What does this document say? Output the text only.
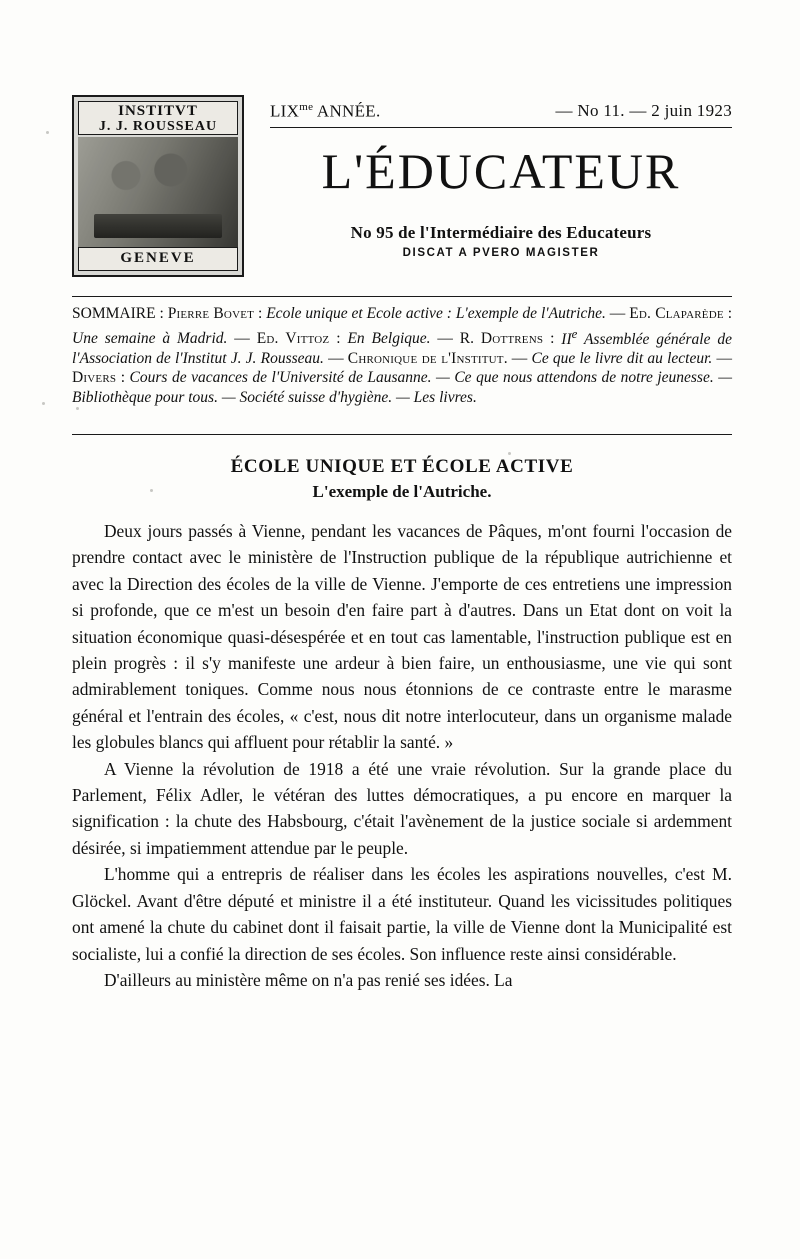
INSTITVT
J. J. ROUSSEAU
GENEVE
$LIX^{me}$ ANNÉE.	— No 11. — 2 juin 1923
L'ÉDUCATEUR
No 95 de l'Intermédiaire des Educateurs
DISCAT A PVERO MAGISTER
SOMMAIRE : Pierre Bovet : Ecole unique et Ecole active : L'exemple de l'Autriche. — Ed. Claparède : Une semaine à Madrid. — Ed. Vittoz : En Belgique. — R. Dottrens : IIe Assemblée générale de l'Association de l'Institut J. J. Rousseau. — Chronique de l'Institut. — Ce que le livre dit au lecteur. — Divers : Cours de vacances de l'Université de Lausanne. — Ce que nous attendons de notre jeunesse. — Bibliothèque pour tous. — Société suisse d'hygiène. — Les livres.
ÉCOLE UNIQUE ET ÉCOLE ACTIVE
L'exemple de l'Autriche.

Deux jours passés à Vienne, pendant les vacances de Pâques, m'ont fourni l'occasion de prendre contact avec le ministère de l'Instruction publique de la république autrichienne et avec la Direction des écoles de la ville de Vienne. J'emporte de ces entretiens une impression si profonde, que ce m'est un besoin d'en faire part à d'autres. Dans un Etat dont on voit la situation économique quasi-désespérée et en tout cas lamentable, l'instruction publique est en plein progrès : il s'y manifeste une ardeur à bien faire, un enthousiasme, une vie qui sont admirablement toniques. Comme nous nous étonnions de ce contraste entre le marasme général et l'entrain des écoles, « c'est, nous dit notre interlocuteur, dans un organisme malade les globules blancs qui affluent pour rétablir la santé. »

A Vienne la révolution de 1918 a été une vraie révolution. Sur la grande place du Parlement, Félix Adler, le vétéran des luttes démocratiques, a pu encore en marquer la signification : la chute des Habsbourg, c'était l'avènement de la justice sociale si ardemment désirée, si impatiemment attendue par le peuple.

L'homme qui a entrepris de réaliser dans les écoles les aspirations nouvelles, c'est M. Glöckel. Avant d'être député et ministre il a été instituteur. Quand les vicissitudes politiques ont amené la chute du cabinet dont il faisait partie, la ville de Vienne dont la Municipalité est socialiste, lui a confié la direction de ses écoles. Son influence reste ainsi considérable.

D'ailleurs au ministère même on n'a pas renié ses idées. La
